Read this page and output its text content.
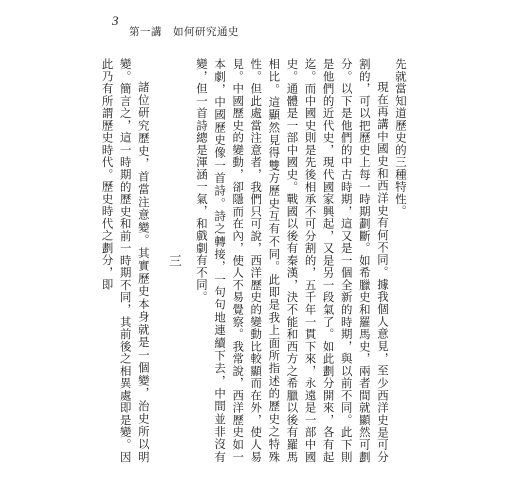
3
第一講　如何研究通史

先就當知道歷史的三種特性。

現在再講中國史和西洋史有何不同。據我個人意見，至少西洋史是可分割的，可以把歷史上每一時期劃斷。如希臘史和羅馬史，兩者間就顯然可劃分。以下是他們的中古時期，這又是一個全新的時期，與以前不同。此下則是他們的近代史，現代國家興起，又是另一段氣了。如此劃分開來，各有起迄。而中國史則是先後相承不可分割的，五千年一貫下來，永遠是一部中國史。通體是一部中國史。戰國以後有秦漢，決不能和西方之希臘以後有羅馬相比。這顯然見得雙方歷史互有不同。此即是我上面所指述的歷史之特殊性。但此處當注意者，我們只可說，西洋歷史的變動比較顯而在外，使人易見。中國歷史的變動，卻隱而在內，使人不易覺察。我常說，西洋歷史如一本劇，中國歷史像一首詩。詩之轉接，一句句地連續下去，中間並非沒有變，但一首詩總是渾涵一氣，和戲劇有不同。

三

諸位研究歷史，首當注意變。其實歷史本身就是一個變，治史所以明變。簡言之，這一時期的歷史和前一時期不同，其前後之相異處即是變。因此乃有所謂歷史時代。歷史時代之劃分，即
